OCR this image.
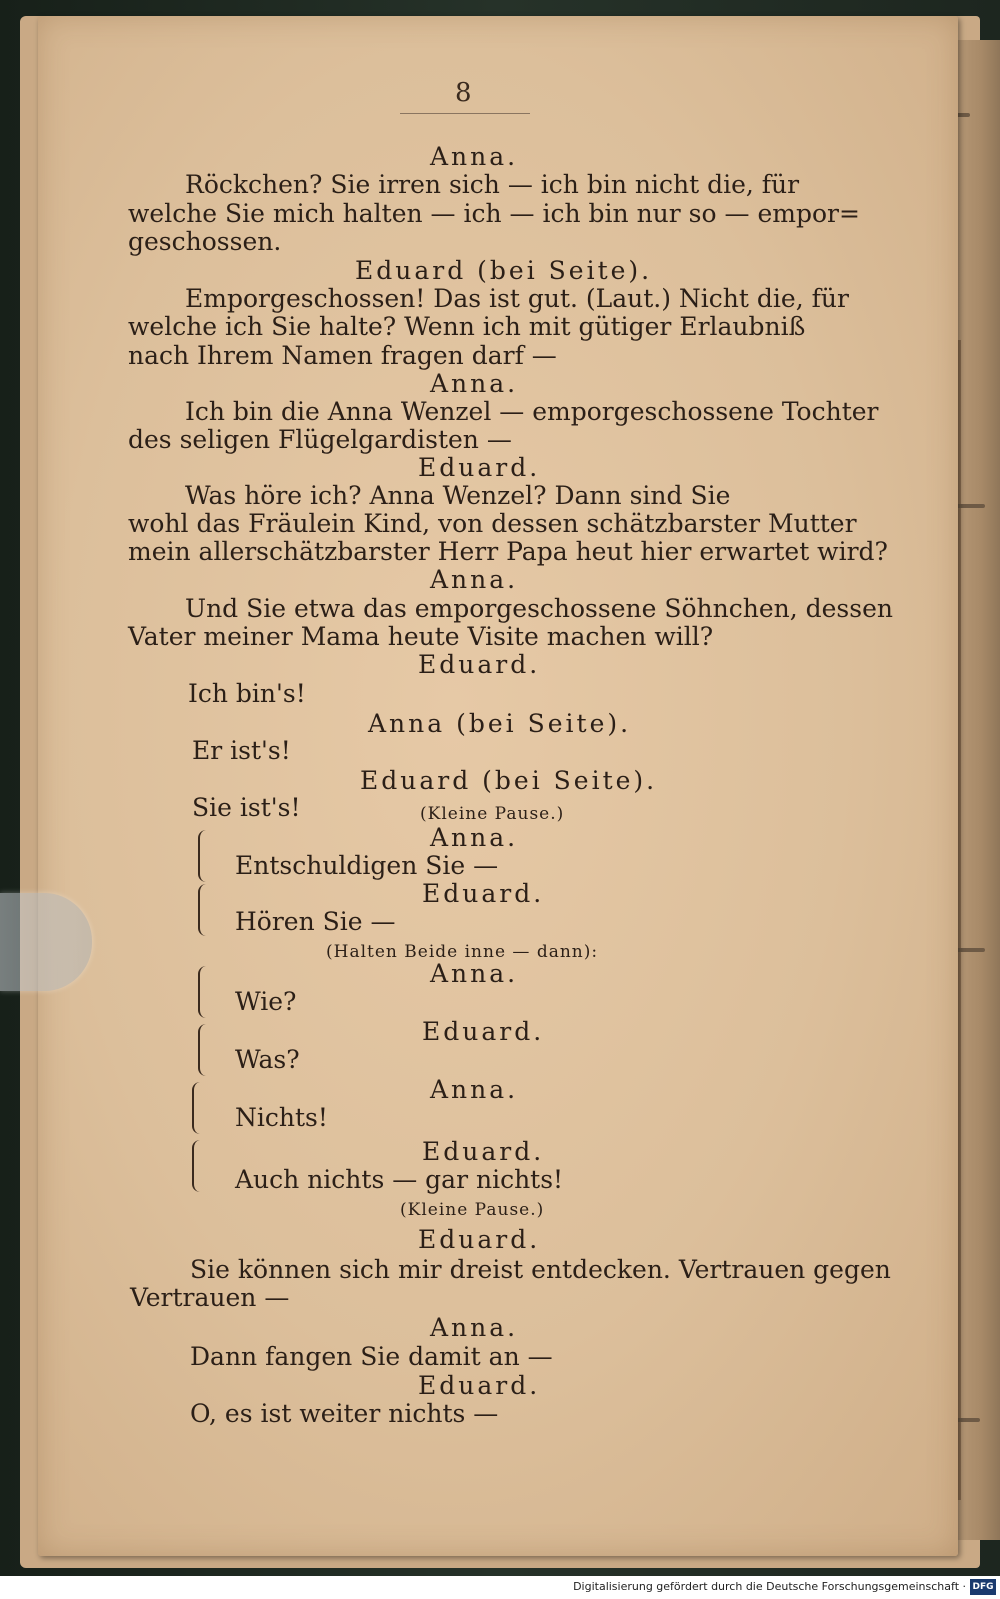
8
Anna.
Röckchen? Sie irren sich — ich bin nicht die, für
welche Sie mich halten — ich — ich bin nur so — empor=
geschossen.
Eduard (bei Seite).
Emporgeschossen! Das ist gut. (Laut.) Nicht die, für
welche ich Sie halte? Wenn ich mit gütiger Erlaubniß
nach Ihrem Namen fragen darf —
Anna.
Ich bin die Anna Wenzel — emporgeschossene Tochter
des seligen Flügelgardisten —
Eduard.
Was höre ich? Anna Wenzel? Dann sind Sie
wohl das Fräulein Kind, von dessen schätzbarster Mutter
mein allerschätzbarster Herr Papa heut hier erwartet wird?
Anna.
Und Sie etwa das emporgeschossene Söhnchen, dessen
Vater meiner Mama heute Visite machen will?
Eduard.
Ich bin's!
Anna (bei Seite).
Er ist's!
Eduard (bei Seite).
Sie ist's!	(Kleine Pause.)
Anna.
Entschuldigen Sie —
Eduard.
Hören Sie —
(Halten Beide inne — dann):
Anna.
Wie?
Eduard.
Was?
Anna.
Nichts!
Eduard.
Auch nichts — gar nichts!
(Kleine Pause.)
Eduard.
Sie können sich mir dreist entdecken. Vertrauen gegen
Vertrauen —
Anna.
Dann fangen Sie damit an —
Eduard.
O, es ist weiter nichts —
Digitalisierung gefördert durch die Deutsche Forschungsgemeinschaft · DFG
